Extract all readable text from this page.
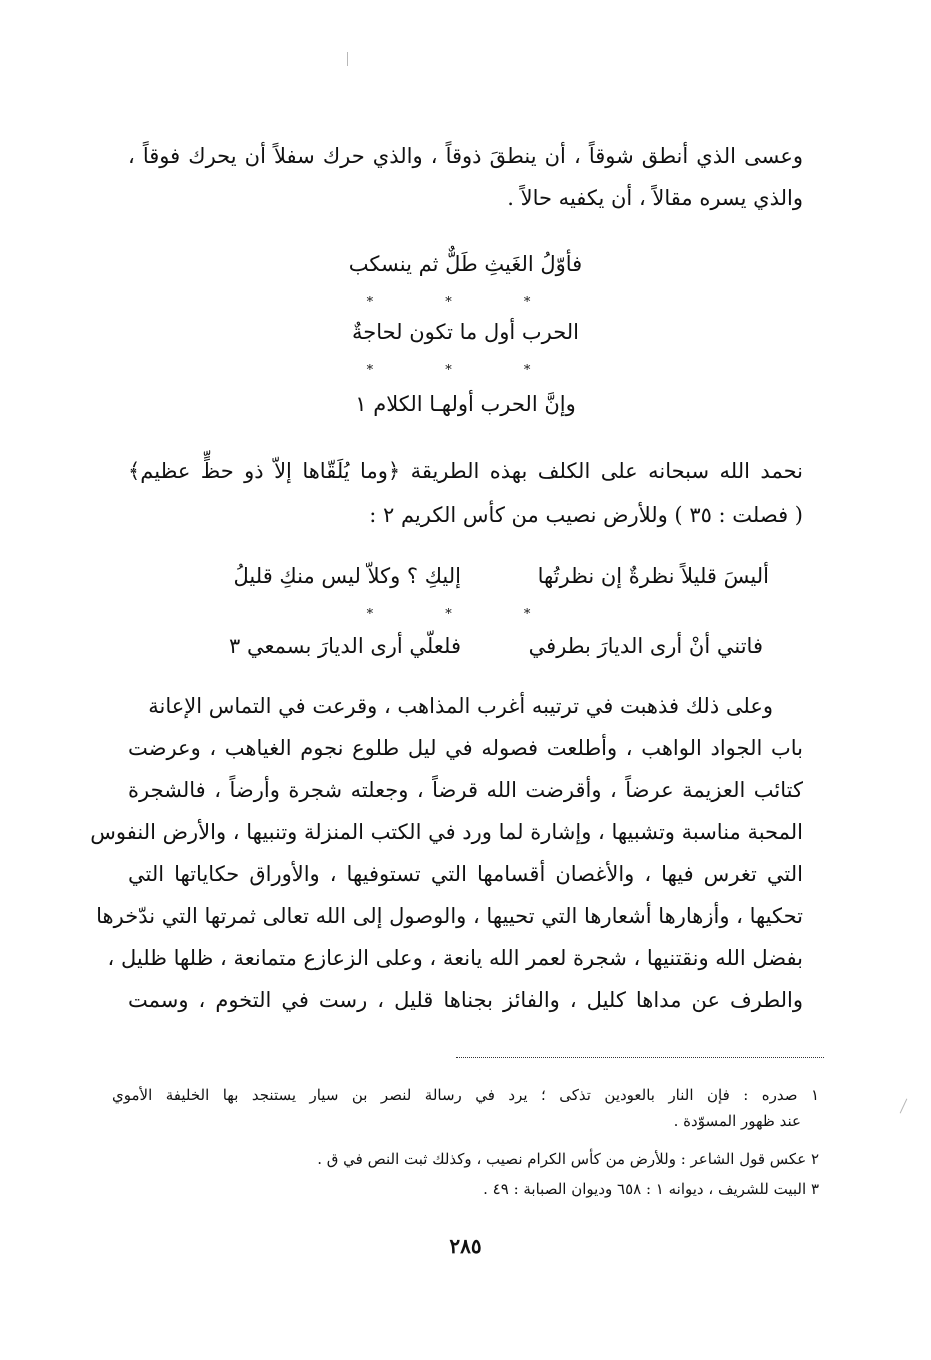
وعسى الذي أنطق شوقاً ، أن ينطقَ ذوقاً ، والذي حرك سفلاً أن يحرك فوقاً ،
والذي يسره مقالاً ، أن يكفيه حالاً .
فأوّلُ الغَيثِ طَلٌّ ثم ينسكب
* * *
الحرب أول ما تكون لحاجةٌ
* * *
وإنَّ الحرب أولهـا الكلام ١
نحمد الله سبحانه على الكلف بهذه الطريقة ﴿وما يُلَقّاها إلاّ ذو حظٍّ عظيم﴾
( فصلت : ٣٥ ) وللأرض نصيب من كأس الكريم ٢ :
أليسَ قليلاً نظرةٌ إن نظرتُها
إليكِ ؟ وكلاّ ليس منكِ قليلُ
* * *
فاتني أنْ أرى الديارَ بطرفي
فلعلّي أرى الديارَ بسمعي ٣
وعلى ذلك فذهبت في ترتيبه أغرب المذاهب ، وقرعت في التماس الإعانة
باب الجواد الواهب ، وأطلعت فصوله في ليل طلوع نجوم الغياهب ، وعرضت
كتائب العزيمة عرضاً ، وأقرضت الله قرضاً ، وجعلته شجرة وأرضاً ، فالشجرة
المحبة مناسبة وتشبيها ، وإشارة لما ورد في الكتب المنزلة وتنبيها ، والأرض النفوس
التي تغرس فيها ، والأغصان أقسامها التي تستوفيها ، والأوراق حكاياتها التي
تحكيها ، وأزهارها أشعارها التي تحييها ، والوصول إلى الله تعالى ثمرتها التي ندّخرها
بفضل الله ونقتنيها ، شجرة لعمر الله يانعة ، وعلى الزعازع متمانعة ، ظلها ظليل ،
والطرف عن مداها كليل ، والفائز بجناها قليل ، رست في التخوم ، وسمت
١ صدره : فإن النار بالعودين تذكى ؛ يرد في رسالة لنصر بن سيار يستنجد بها الخليفة الأموي
عند ظهور المسوّدة .
٢ عكس قول الشاعر : وللأرض من كأس الكرام نصيب ، وكذلك ثبت النص في ق .
٣ البيت للشريف ، ديوانه ١ : ٦٥٨ وديوان الصبابة : ٤٩ .
٢٨٥
